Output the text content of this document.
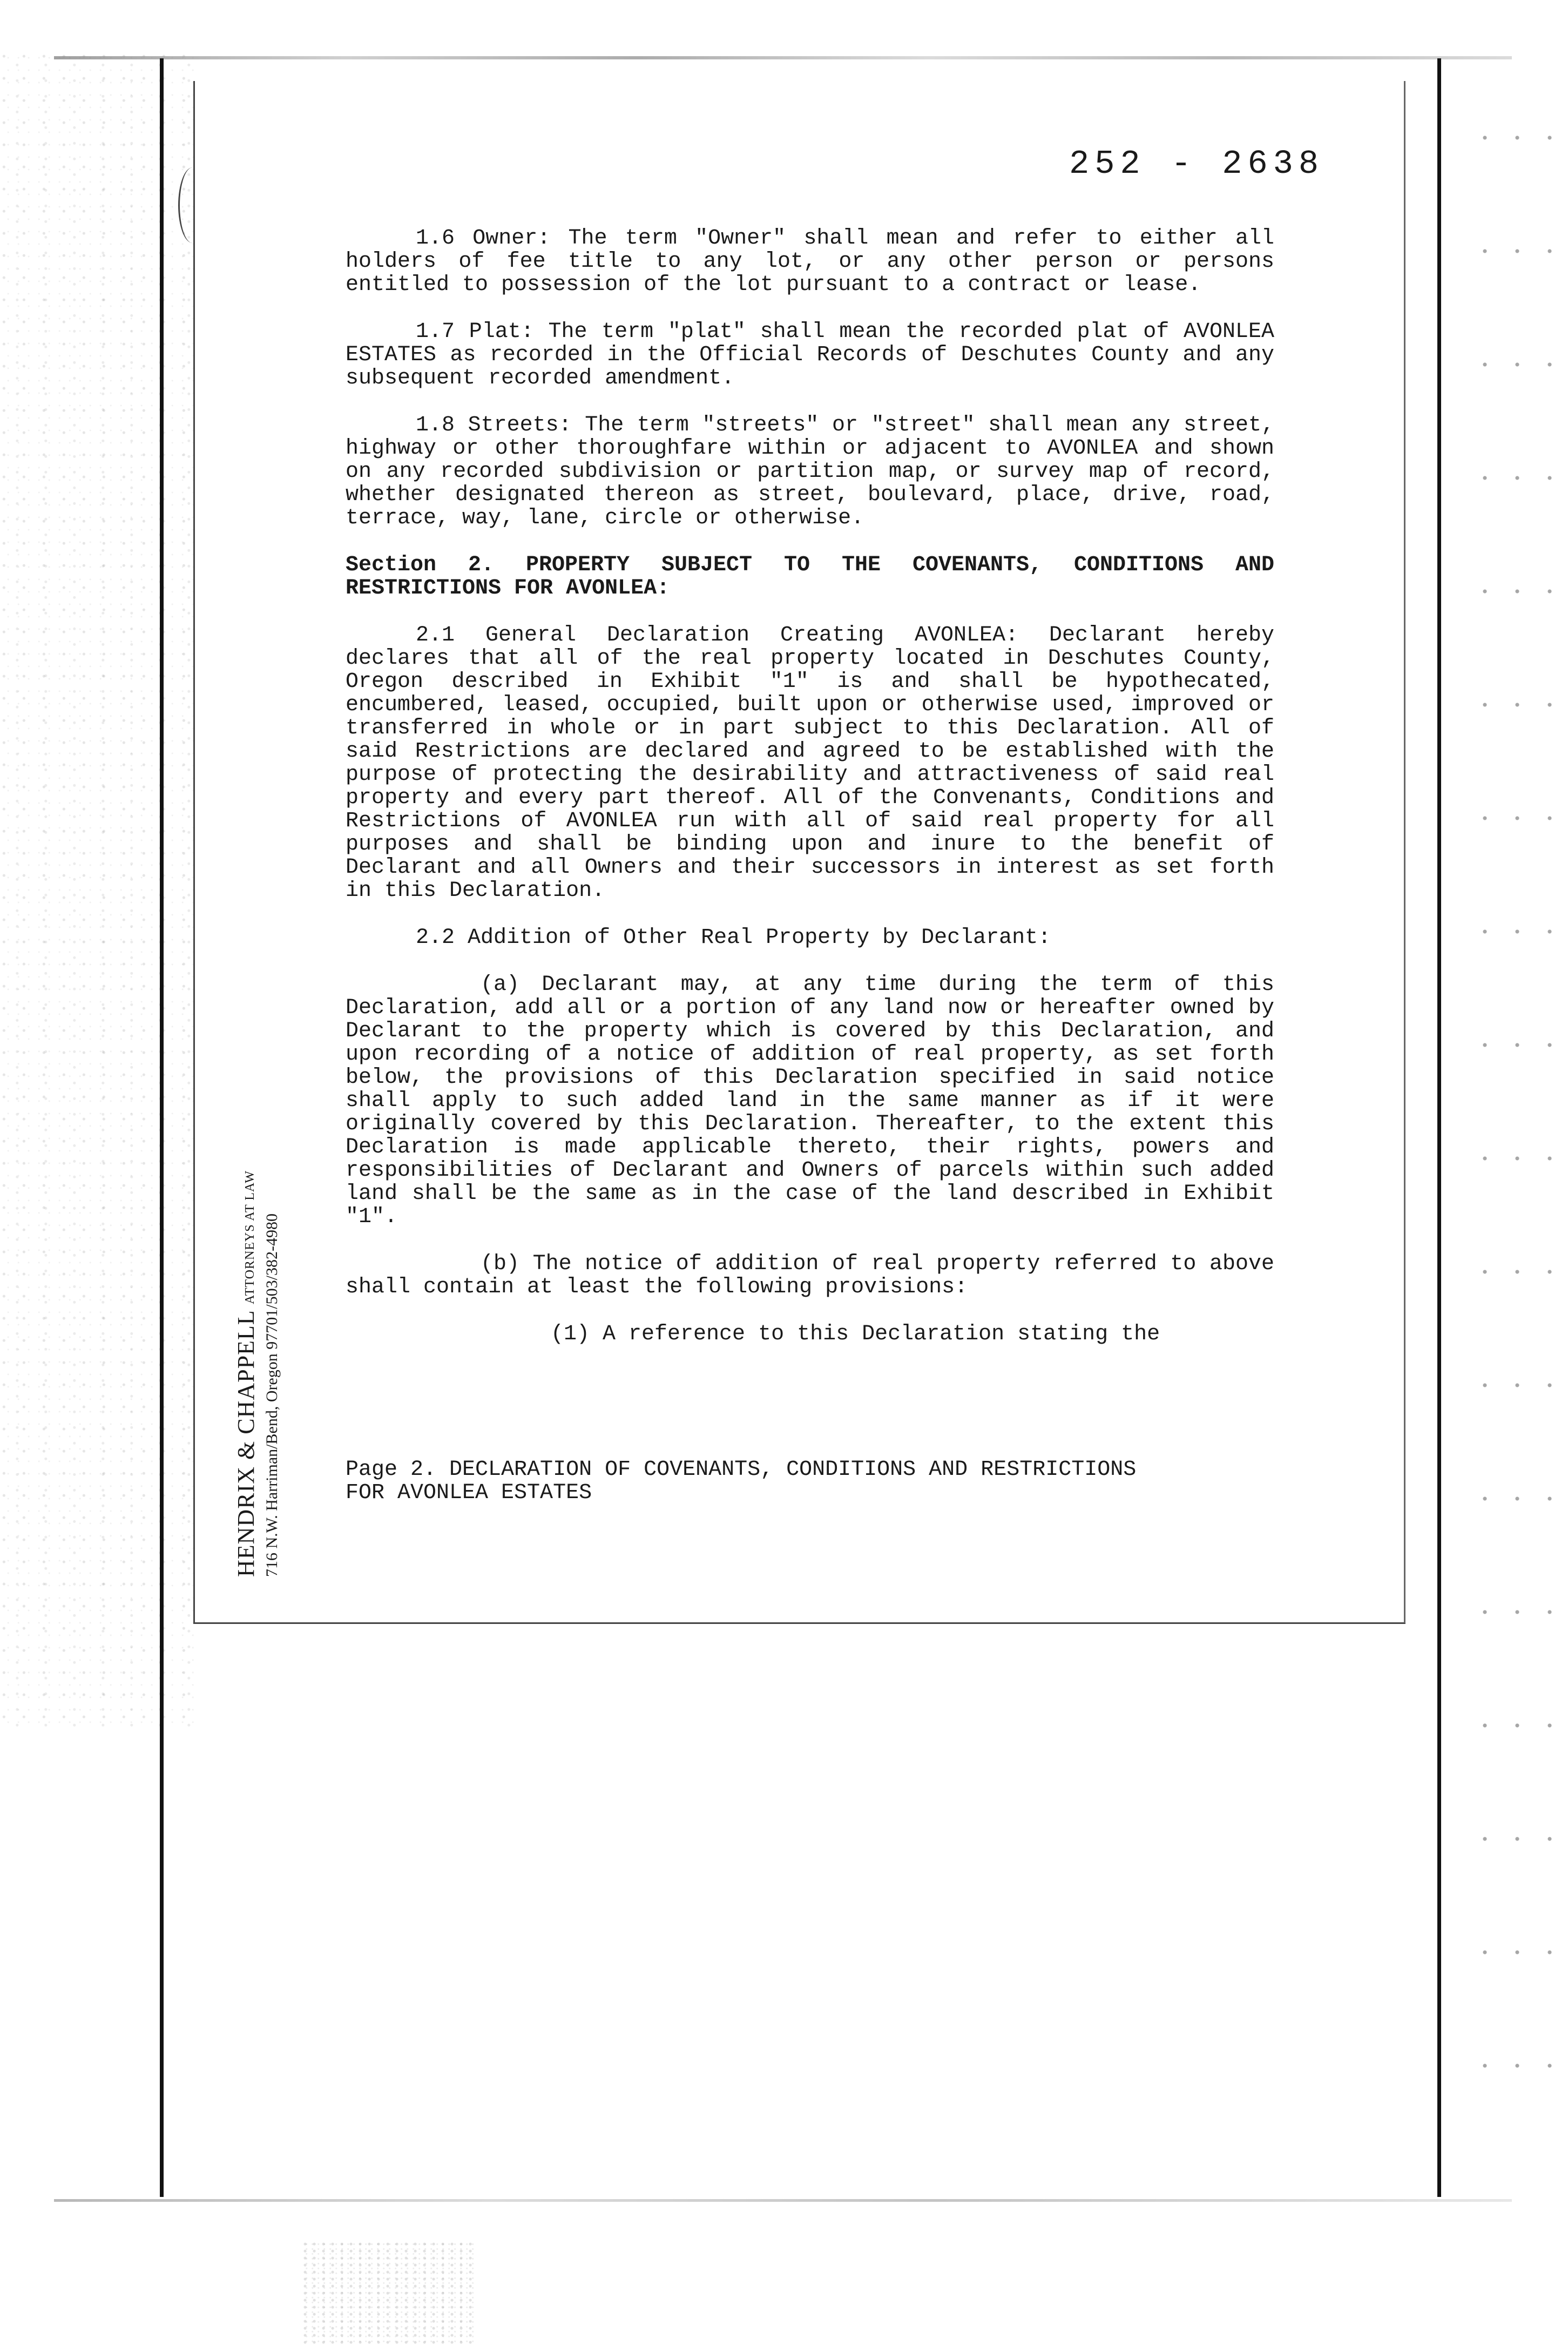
252 - 2638

1.6 Owner: The term "Owner" shall mean and refer to either all holders of fee title to any lot, or any other person or persons entitled to possession of the lot pursuant to a contract or lease.

1.7 Plat: The term "plat" shall mean the recorded plat of AVONLEA ESTATES as recorded in the Official Records of Deschutes County and any subsequent recorded amendment.

1.8 Streets: The term "streets" or "street" shall mean any street, highway or other thoroughfare within or adjacent to AVONLEA and shown on any recorded subdivision or partition map, or survey map of record, whether designated thereon as street, boulevard, place, drive, road, terrace, way, lane, circle or otherwise.

Section 2. PROPERTY SUBJECT TO THE COVENANTS, CONDITIONS AND RESTRICTIONS FOR AVONLEA:

2.1 General Declaration Creating AVONLEA: Declarant hereby declares that all of the real property located in Deschutes County, Oregon described in Exhibit "1" is and shall be hypothecated, encumbered, leased, occupied, built upon or otherwise used, improved or transferred in whole or in part subject to this Declaration. All of said Restrictions are declared and agreed to be established with the purpose of protecting the desirability and attractiveness of said real property and every part thereof. All of the Convenants, Conditions and Restrictions of AVONLEA run with all of said real property for all purposes and shall be binding upon and inure to the benefit of Declarant and all Owners and their successors in interest as set forth in this Declaration.

2.2 Addition of Other Real Property by Declarant:

(a) Declarant may, at any time during the term of this Declaration, add all or a portion of any land now or hereafter owned by Declarant to the property which is covered by this Declaration, and upon recording of a notice of addition of real property, as set forth below, the provisions of this Declaration specified in said notice shall apply to such added land in the same manner as if it were originally covered by this Declaration. Thereafter, to the extent this Declaration is made applicable thereto, their rights, powers and responsibilities of Declarant and Owners of parcels within such added land shall be the same as in the case of the land described in Exhibit "1".

(b) The notice of addition of real property referred to above shall contain at least the following provisions:

(1) A reference to this Declaration stating the

Page 2. DECLARATION OF COVENANTS, CONDITIONS AND RESTRICTIONS
FOR AVONLEA ESTATES
HENDRIX & CHAPPELL ATTORNEYS AT LAW 716 N.W. Harriman/Bend, Oregon 97701/503/382-4980
